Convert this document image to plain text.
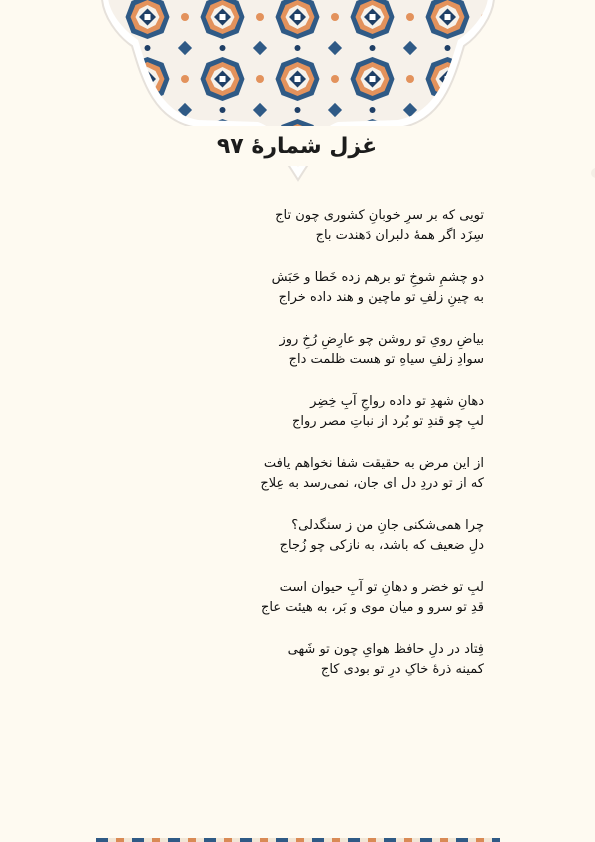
غزل شمارهٔ ۹۷
تویی که بر سرِ خوبانِ کشوری چون تاج
سِزَد اگر همهٔ دلبران دَهندت باج
دو چشمِ شوخِ تو برهم زده خَطا و حَبَش
به چینِ زلفِ تو ماچین و هند داده خراج
بیاضِ رویِ تو روشن چو عارِضِ رُخِ روز
سوادِ زلفِ سیاهِ تو هست ظلمت داج
دهانِ شهدِ تو داده رواجِ آبِ خِضِر
لبِ چو قندِ تو بُرد از نباتِ مصر رواج
از این مرض به حقیقت شفا نخواهم یافت
که از تو دردِ دل ای جان، نمی‌رسد به عِلاج
چرا همی‌شکنی جانِ من ز سنگدلی؟
دلِ ضعیف که باشد، به نازکی چو زُجاج
لبِ تو خضر و دهانِ تو آبِ حیوان است
قدِ تو سرو و میان موی و بَر، به هیئت عاج
فِتاد در دلِ حافظ هوایِ چون تو شَهی
کمینه ذرهٔ خاکِ درِ تو بودی کاج
